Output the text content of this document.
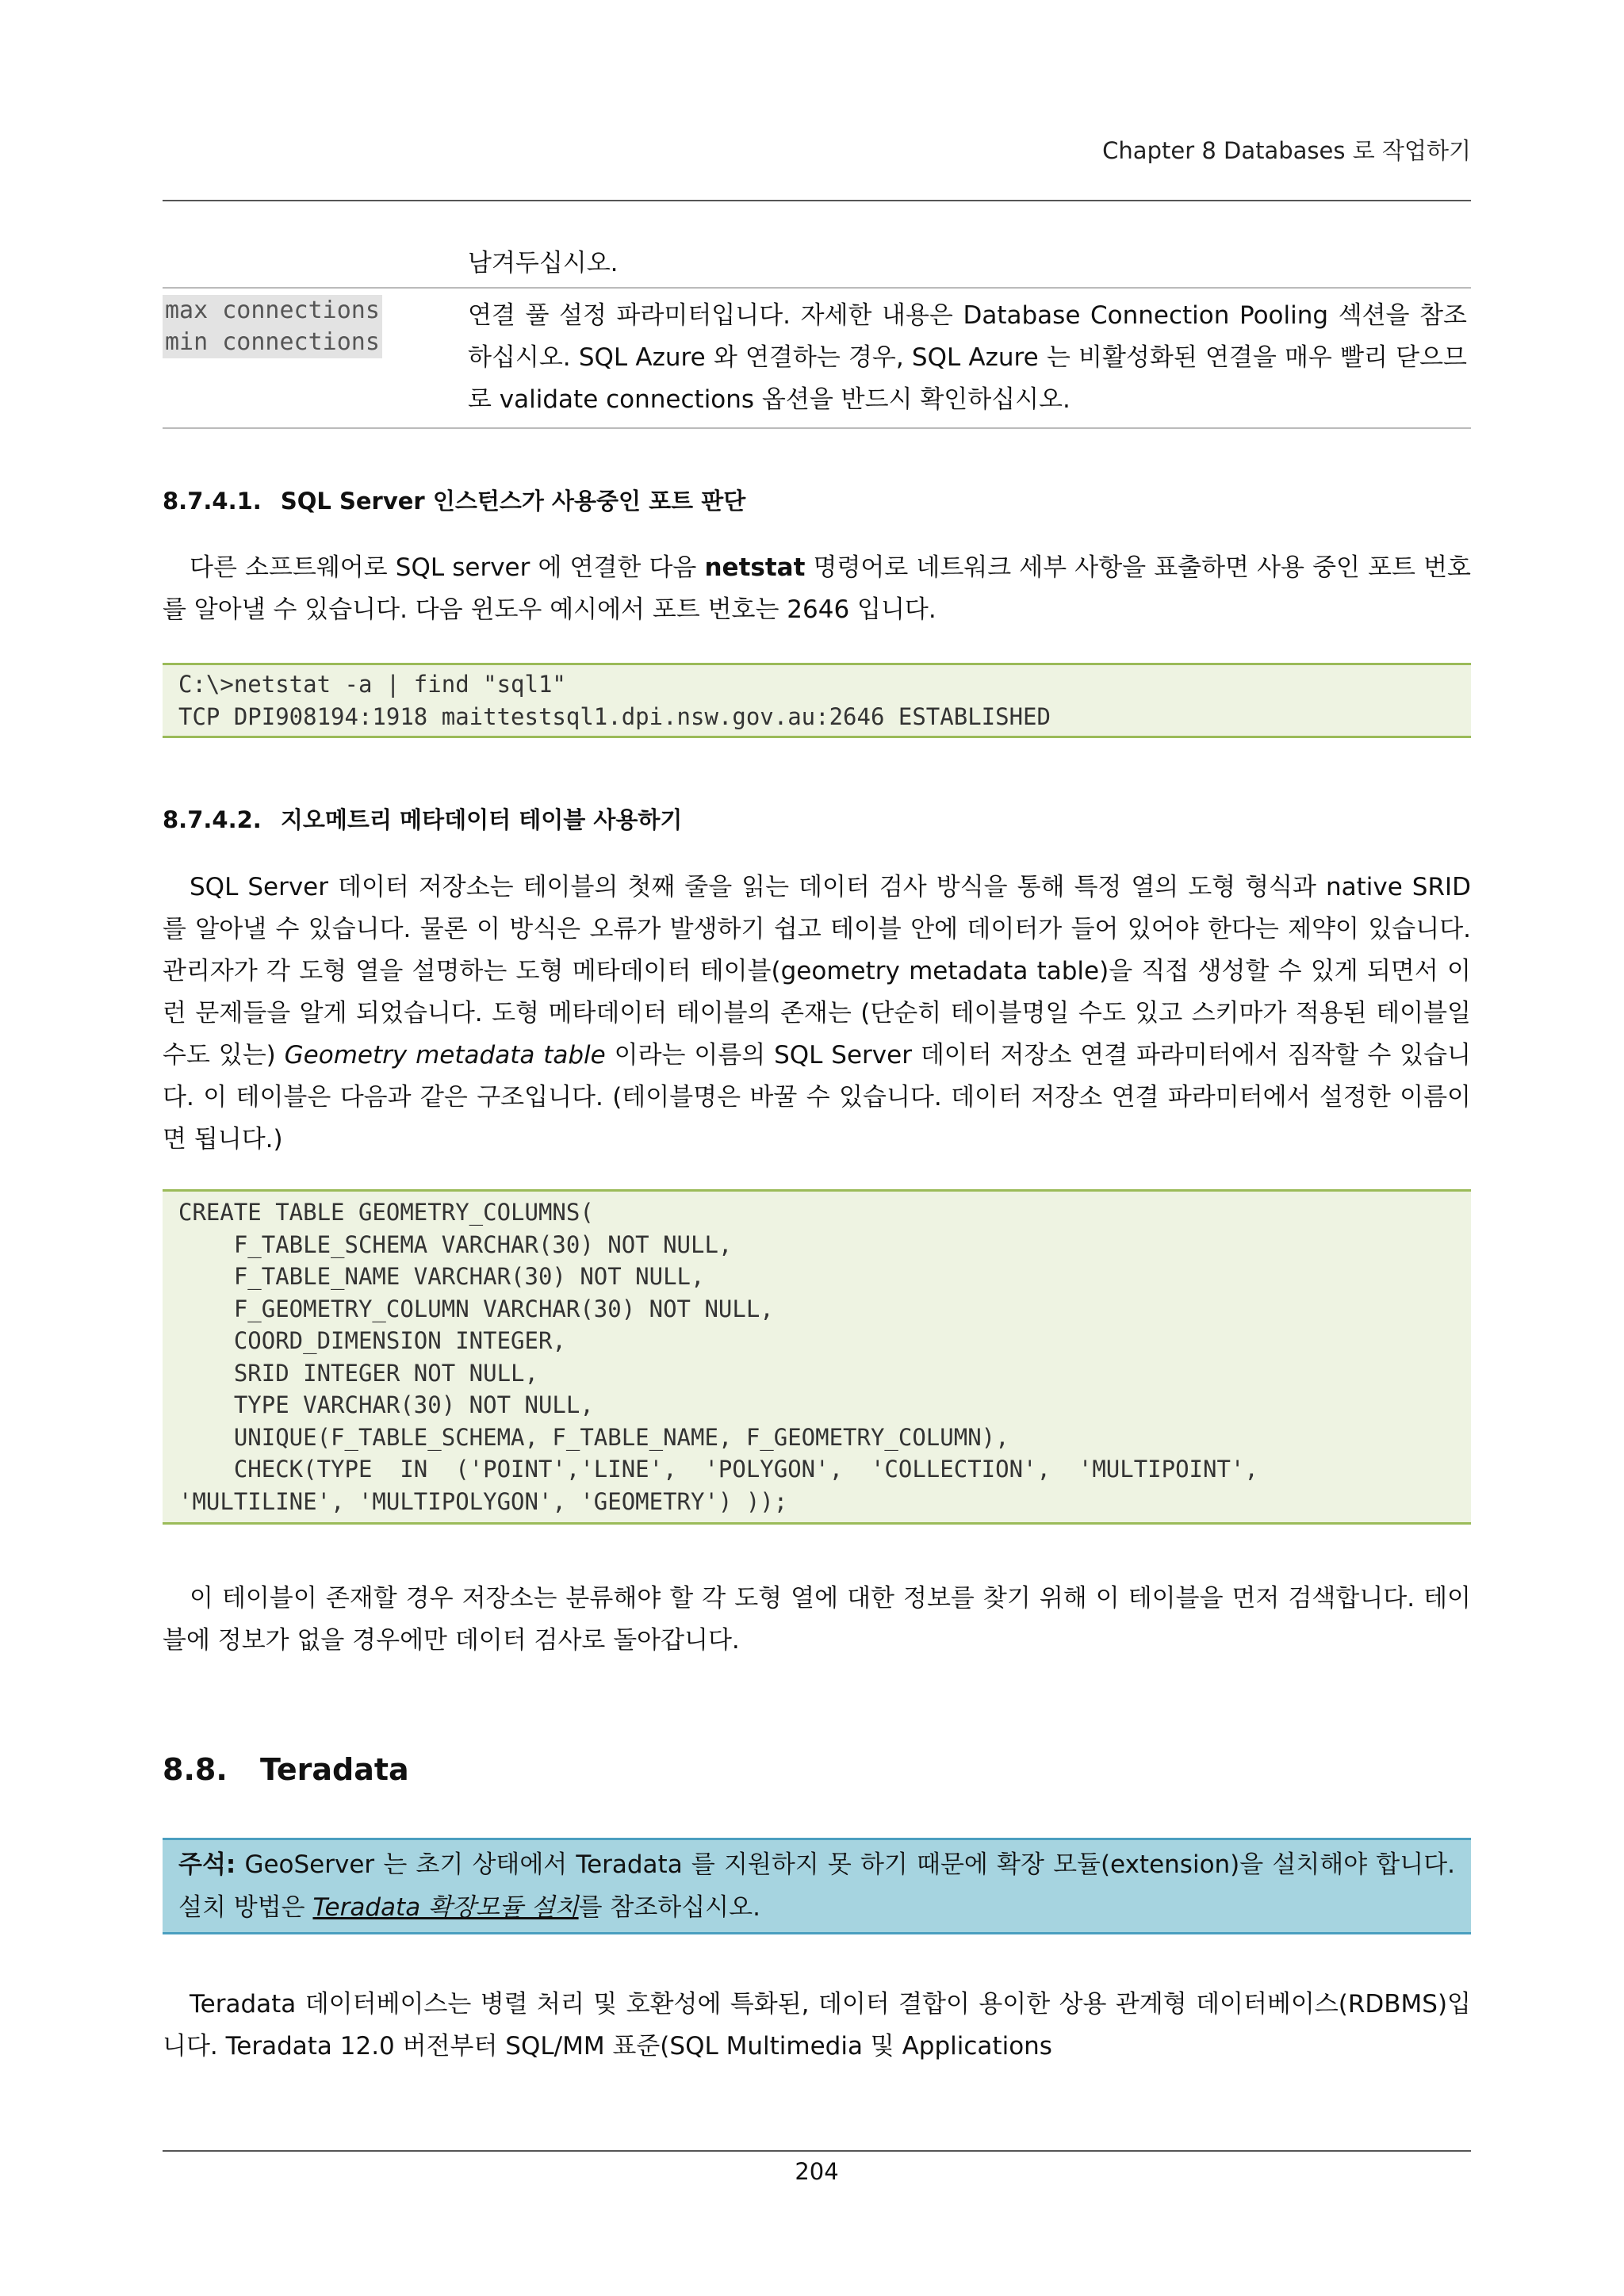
Chapter 8 Databases 로 작업하기
남겨두십시오.
max connections
min connections
연결 풀 설정 파라미터입니다. 자세한 내용은 Database Connection Pooling 섹션을 참조하십시오. SQL Azure 와 연결하는 경우, SQL Azure 는 비활성화된 연결을 매우 빨리 닫으므로 validate connections 옵션을 반드시 확인하십시오.
8.7.4.1. SQL Server 인스턴스가 사용중인 포트 판단
다른 소프트웨어로 SQL server 에 연결한 다음 netstat 명령어로 네트워크 세부 사항을 표출하면 사용 중인 포트 번호를 알아낼 수 있습니다. 다음 윈도우 예시에서 포트 번호는 2646 입니다.
C:\>netstat -a | find "sql1"
TCP DPI908194:1918 maittestsql1.dpi.nsw.gov.au:2646 ESTABLISHED
8.7.4.2. 지오메트리 메타데이터 테이블 사용하기
SQL Server 데이터 저장소는 테이블의 첫째 줄을 읽는 데이터 검사 방식을 통해 특정 열의 도형 형식과 native SRID 를 알아낼 수 있습니다. 물론 이 방식은 오류가 발생하기 쉽고 테이블 안에 데이터가 들어 있어야 한다는 제약이 있습니다. 관리자가 각 도형 열을 설명하는 도형 메타데이터 테이블(geometry metadata table)을 직접 생성할 수 있게 되면서 이런 문제들을 알게 되었습니다. 도형 메타데이터 테이블의 존재는 (단순히 테이블명일 수도 있고 스키마가 적용된 테이블일 수도 있는) Geometry metadata table 이라는 이름의 SQL Server 데이터 저장소 연결 파라미터에서 짐작할 수 있습니다. 이 테이블은 다음과 같은 구조입니다. (테이블명은 바꿀 수 있습니다. 데이터 저장소 연결 파라미터에서 설정한 이름이면 됩니다.)
CREATE TABLE GEOMETRY_COLUMNS(
F_TABLE_SCHEMA VARCHAR(30) NOT NULL,
F_TABLE_NAME VARCHAR(30) NOT NULL,
F_GEOMETRY_COLUMN VARCHAR(30) NOT NULL,
COORD_DIMENSION INTEGER,
SRID INTEGER NOT NULL,
TYPE VARCHAR(30) NOT NULL,
UNIQUE(F_TABLE_SCHEMA, F_TABLE_NAME, F_GEOMETRY_COLUMN),
CHECK(TYPE  IN  ('POINT','LINE',  'POLYGON',  'COLLECTION',  'MULTIPOINT',
'MULTILINE', 'MULTIPOLYGON', 'GEOMETRY') ));
이 테이블이 존재할 경우 저장소는 분류해야 할 각 도형 열에 대한 정보를 찾기 위해 이 테이블을 먼저 검색합니다. 테이블에 정보가 없을 경우에만 데이터 검사로 돌아갑니다.
8.8. Teradata
주석: GeoServer 는 초기 상태에서 Teradata 를 지원하지 못 하기 때문에 확장 모듈(extension)을 설치해야 합니다. 설치 방법은 Teradata 확장모듈 설치를 참조하십시오.
Teradata 데이터베이스는 병렬 처리 및 호환성에 특화된, 데이터 결합이 용이한 상용 관계형 데이터베이스(RDBMS)입니다. Teradata 12.0 버전부터 SQL/MM 표준(SQL Multimedia 및 Applications
204
